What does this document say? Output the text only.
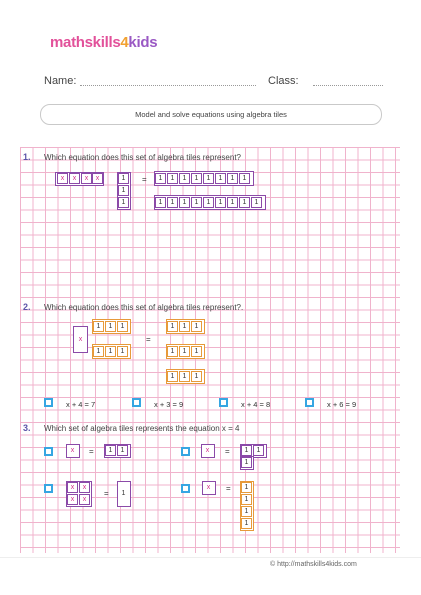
mathskills4kids
Name:	Class:
Model and solve equations using algebra tiles
1. Which equation does this set of algebra tiles represent?
x	x	x	x	1
1
1
=	1	1	1	1	1	1	1	1
1	1	1	1	1	1	1	1	1
2. Which equation does this set of algebra tiles represent?.
x
1	1	1
1	1	1
=
1	1	1
1	1	1
1	1	1
x + 4 = 7	x + 3 = 9	x + 4 = 8	x + 6 = 9
3. Which set of algebra tiles represents the equation x = 4
x	=	1	1	x	=	1	1
1
x	x
x	x
=	1
x	=	1
1
1
1
© http://mathskills4kids.com
